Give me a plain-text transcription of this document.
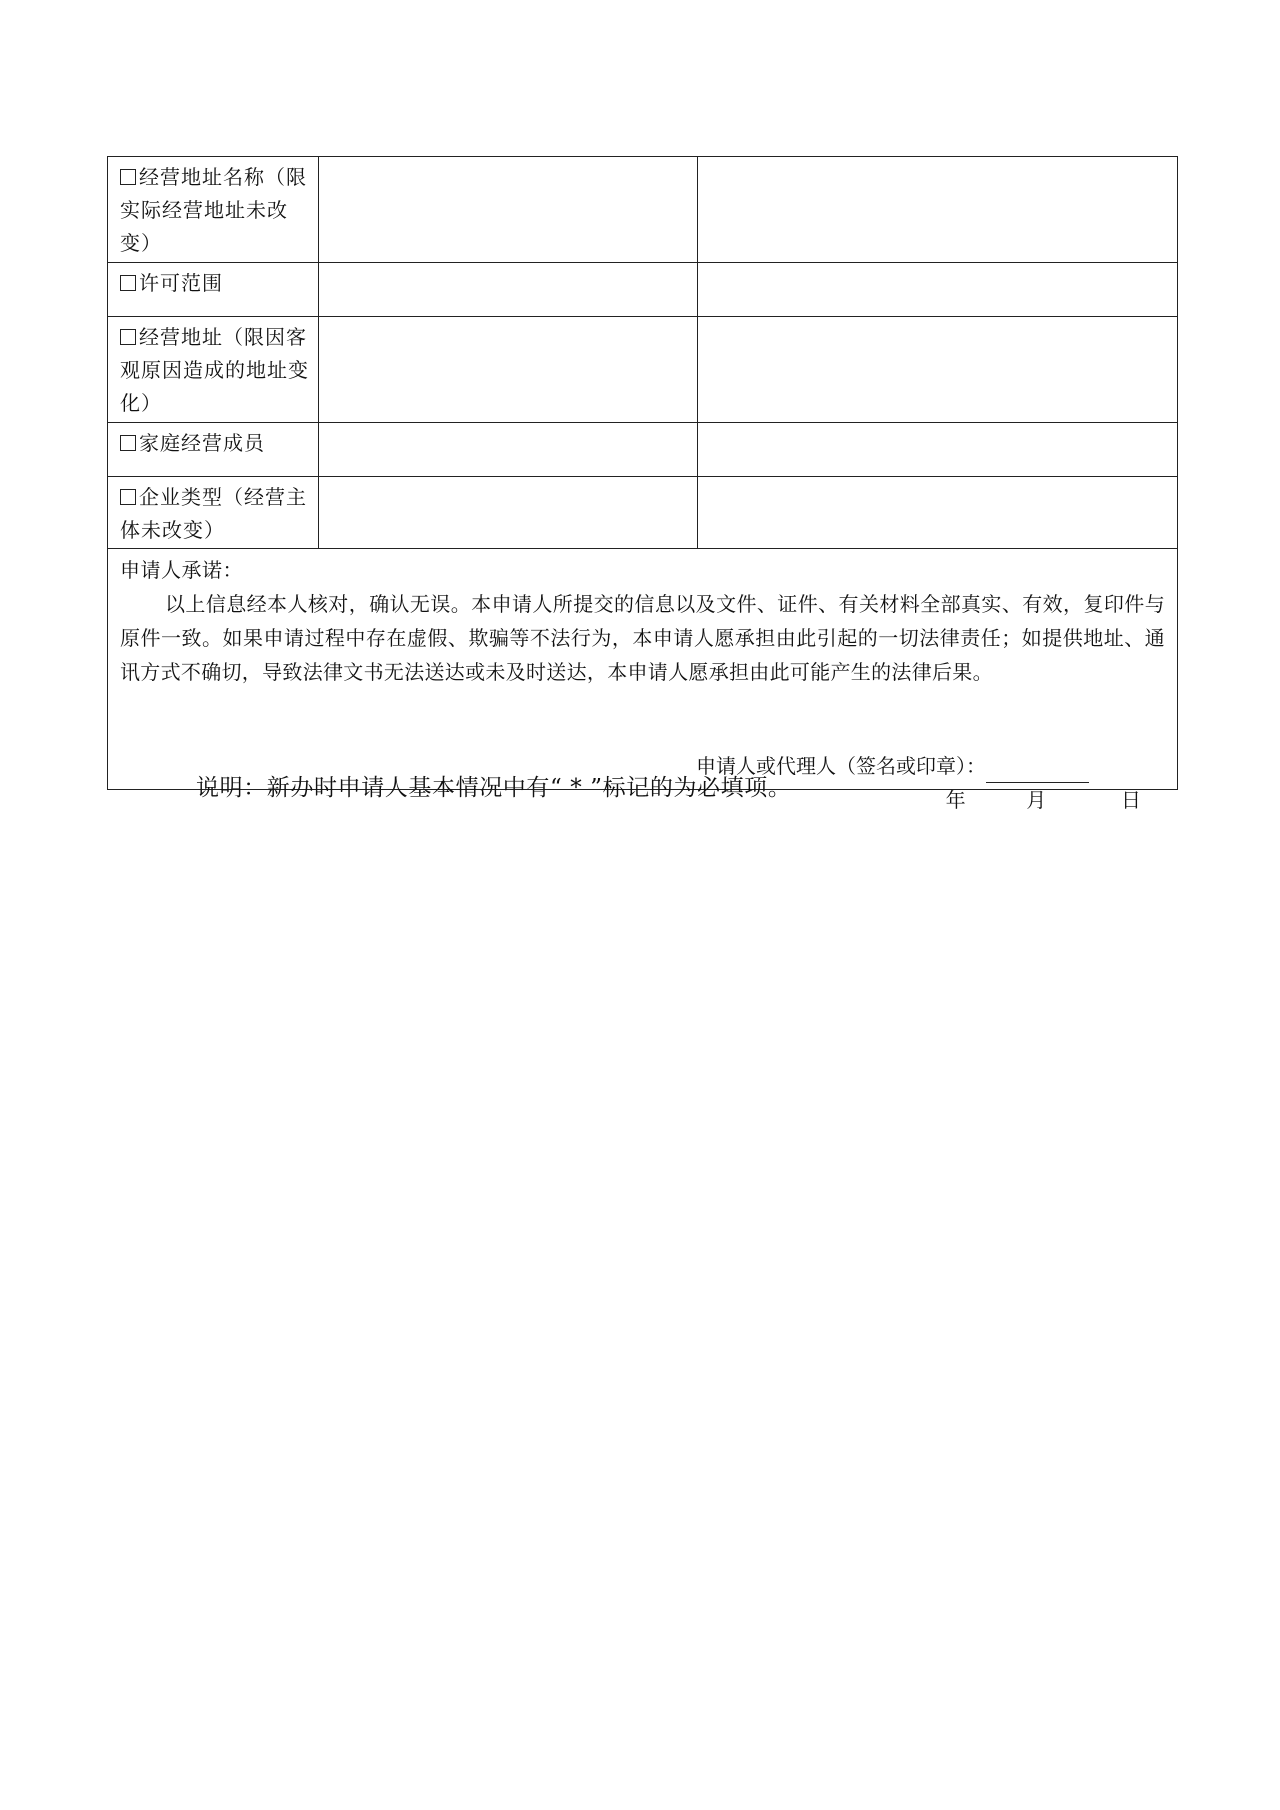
经营地址名称（限实际经营地址未改变）		
许可范围		
经营地址（限因客观原因造成的地址变化）		
家庭经营成员		
企业类型（经营主体未改变）		

申请人承诺：
以上信息经本人核对，确认无误。本申请人所提交的信息以及文件、证件、有关材料全部真实、有效，复印件与原件一致。如果申请过程中存在虚假、欺骗等不法行为，本申请人愿承担由此引起的一切法律责任；如提供地址、通讯方式不确切，导致法律文书无法送达或未及时送达，本申请人愿承担由此可能产生的法律后果。
申请人或代理人（签名或印章）：
年 月 日		
说明：新办时申请人基本情况中有“ * ”标记的为必填项。
